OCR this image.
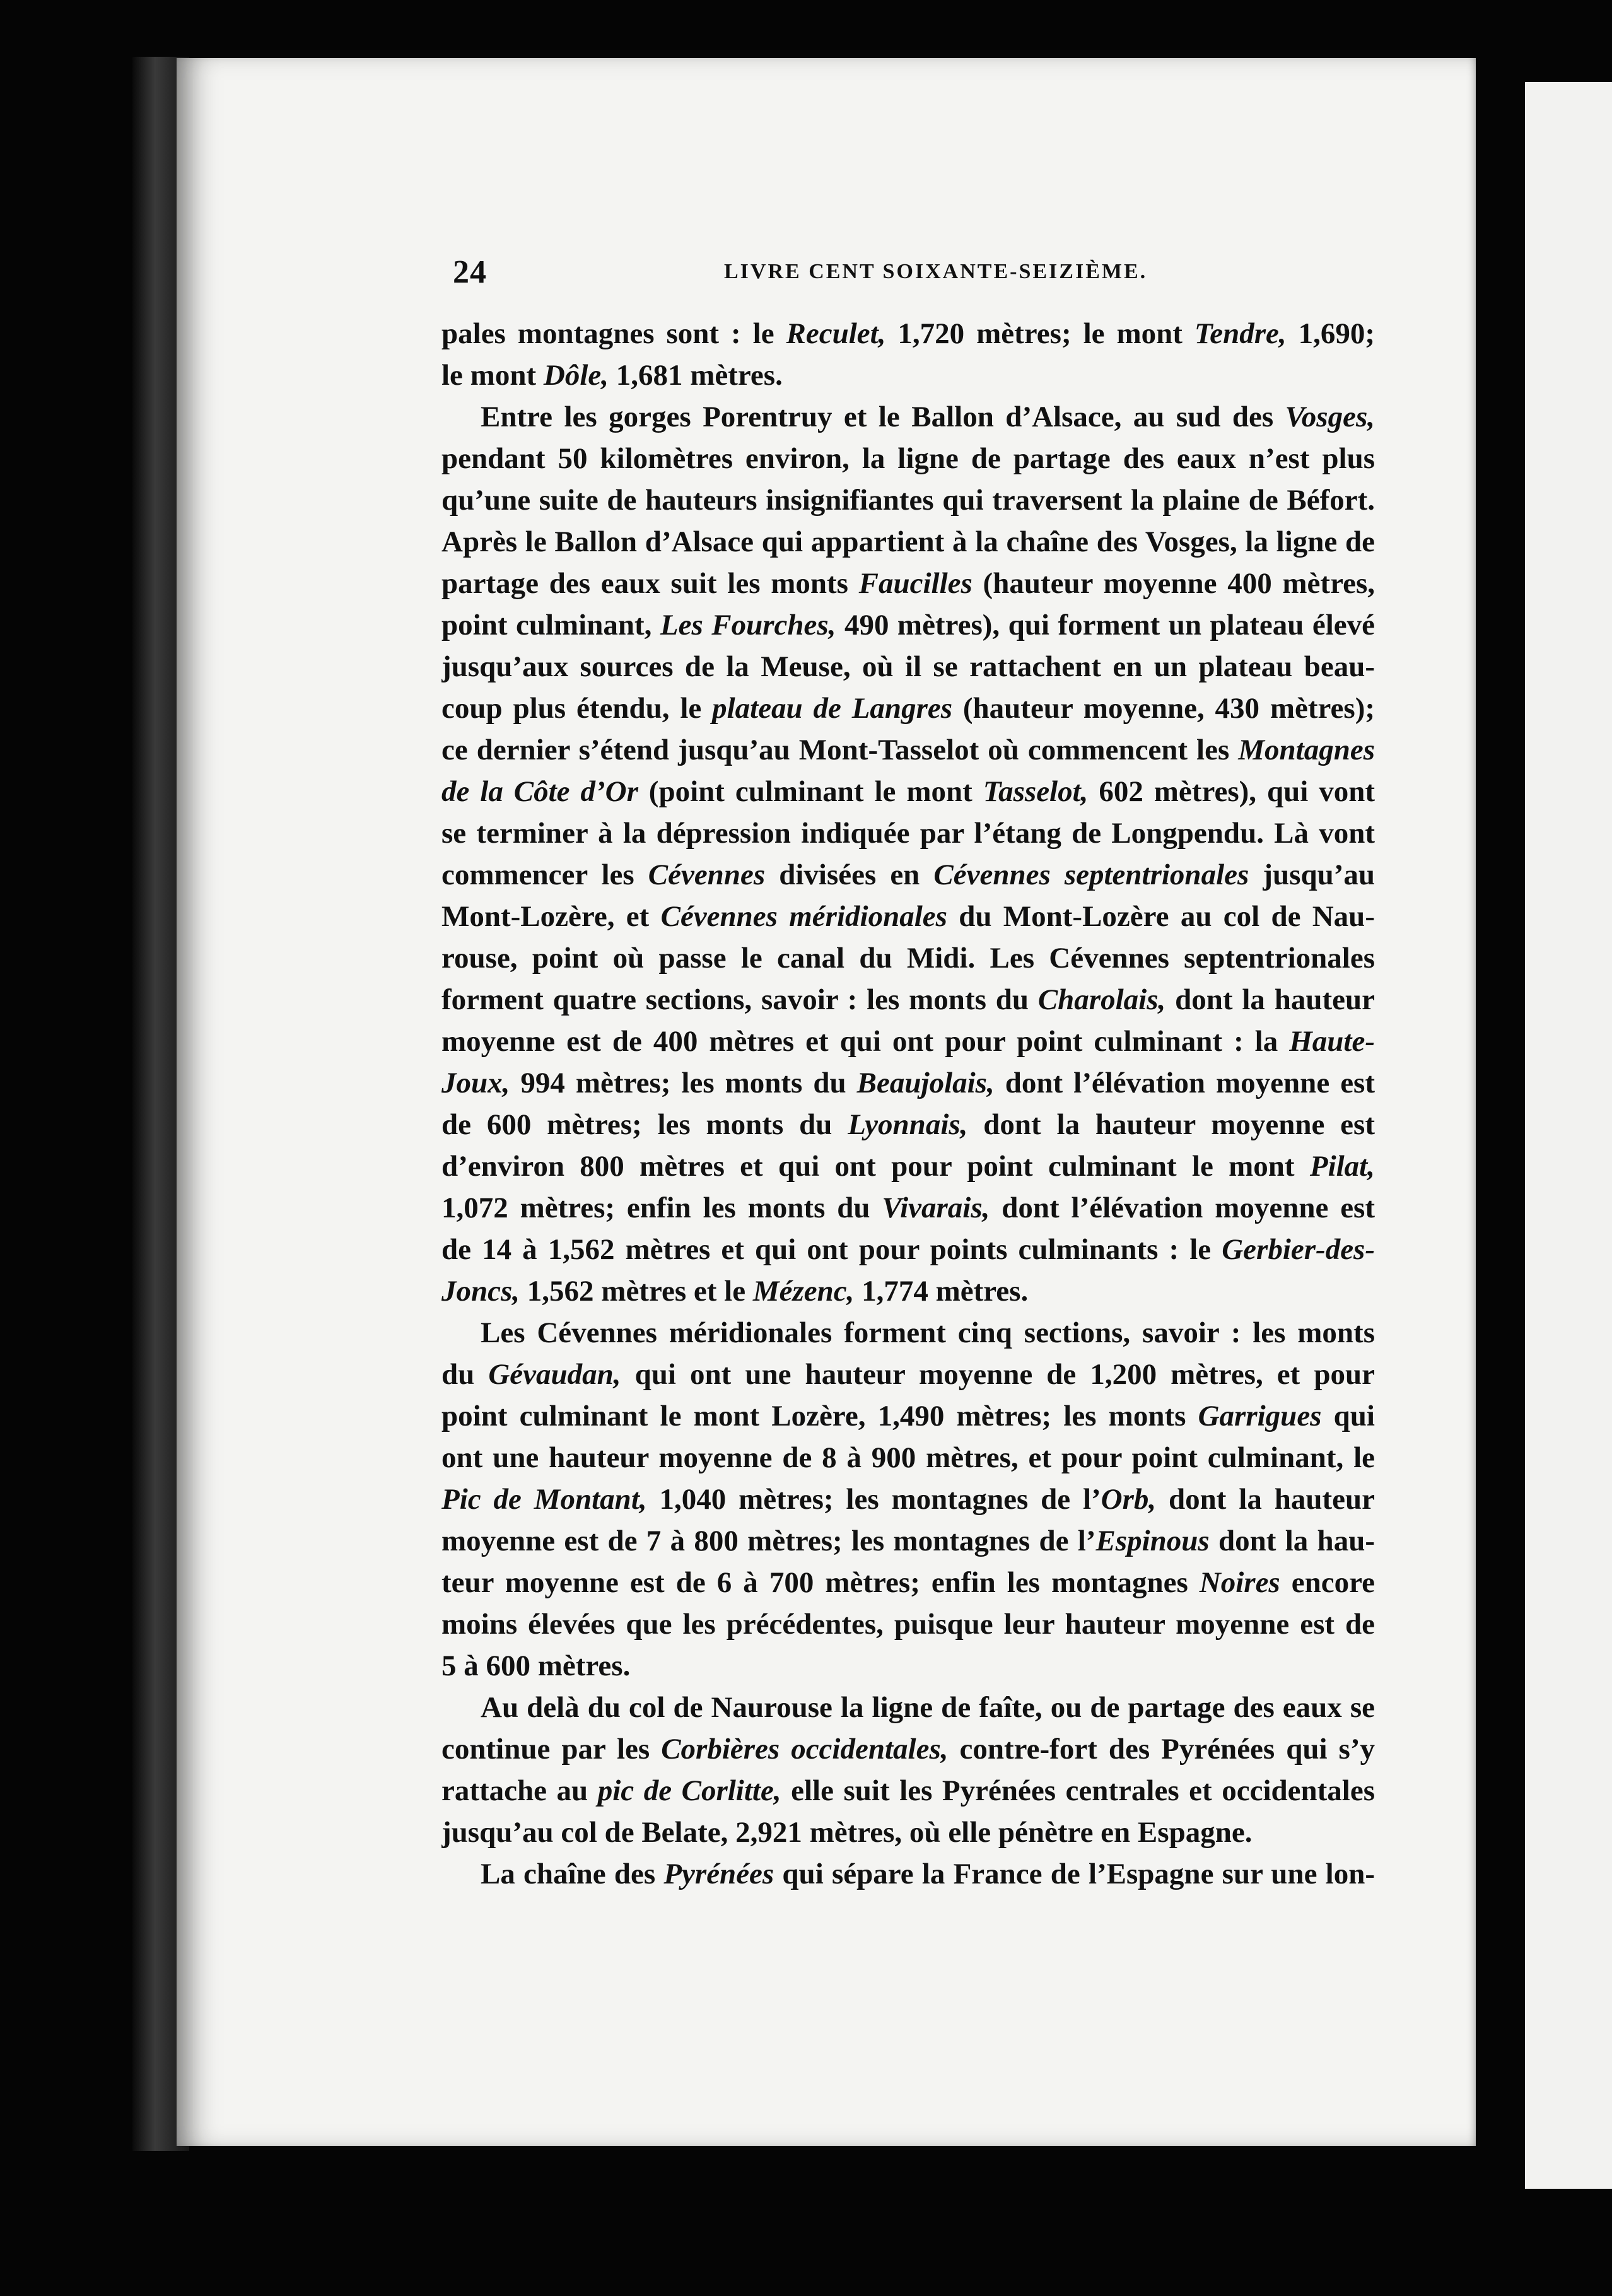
24	LIVRE CENT SOIXANTE-SEIZIÈME.
pales montagnes sont : le Reculet, 1,720 mètres; le mont Tendre, 1,690;
le mont Dôle, 1,681 mètres.
Entre les gorges Porentruy et le Ballon d’Alsace, au sud des Vosges,
pendant 50 kilomètres environ, la ligne de partage des eaux n’est plus
qu’une suite de hauteurs insignifiantes qui traversent la plaine de Béfort.
Après le Ballon d’Alsace qui appartient à la chaîne des Vosges, la ligne de
partage des eaux suit les monts Faucilles (hauteur moyenne 400 mètres,
point culminant, Les Fourches, 490 mètres), qui forment un plateau élevé
jusqu’aux sources de la Meuse, où il se rattachent en un plateau beau-
coup plus étendu, le plateau de Langres (hauteur moyenne, 430 mètres);
ce dernier s’étend jusqu’au Mont-Tasselot où commencent les Montagnes
de la Côte d’Or (point culminant le mont Tasselot, 602 mètres), qui vont
se terminer à la dépression indiquée par l’étang de Longpendu. Là vont
commencer les Cévennes divisées en Cévennes septentrionales jusqu’au
Mont-Lozère, et Cévennes méridionales du Mont-Lozère au col de Nau-
rouse, point où passe le canal du Midi. Les Cévennes septentrionales
forment quatre sections, savoir : les monts du Charolais, dont la hauteur
moyenne est de 400 mètres et qui ont pour point culminant : la Haute-
Joux, 994 mètres; les monts du Beaujolais, dont l’élévation moyenne est
de 600 mètres; les monts du Lyonnais, dont la hauteur moyenne est
d’environ 800 mètres et qui ont pour point culminant le mont Pilat,
1,072 mètres; enfin les monts du Vivarais, dont l’élévation moyenne est
de 14 à 1,562 mètres et qui ont pour points culminants : le Gerbier-des-
Joncs, 1,562 mètres et le Mézenc, 1,774 mètres.
Les Cévennes méridionales forment cinq sections, savoir : les monts
du Gévaudan, qui ont une hauteur moyenne de 1,200 mètres, et pour
point culminant le mont Lozère, 1,490 mètres; les monts Garrigues qui
ont une hauteur moyenne de 8 à 900 mètres, et pour point culminant, le
Pic de Montant, 1,040 mètres; les montagnes de l’Orb, dont la hauteur
moyenne est de 7 à 800 mètres; les montagnes de l’Espinous dont la hau-
teur moyenne est de 6 à 700 mètres; enfin les montagnes Noires encore
moins élevées que les précédentes, puisque leur hauteur moyenne est de
5 à 600 mètres.
Au delà du col de Naurouse la ligne de faîte, ou de partage des eaux se
continue par les Corbières occidentales, contre-fort des Pyrénées qui s’y
rattache au pic de Corlitte, elle suit les Pyrénées centrales et occidentales
jusqu’au col de Belate, 2,921 mètres, où elle pénètre en Espagne.
La chaîne des Pyrénées qui sépare la France de l’Espagne sur une lon-
